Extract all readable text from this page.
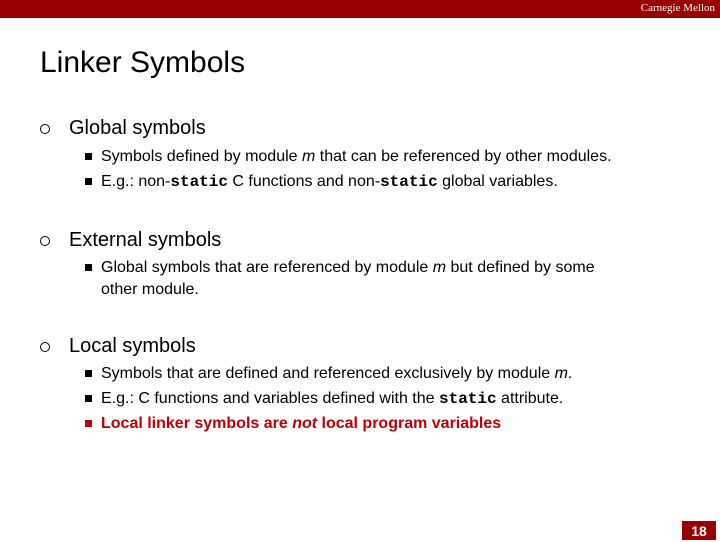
Carnegie Mellon
Linker Symbols
Global symbols
Symbols defined by module m that can be referenced by other modules.
E.g.: non-static C functions and non-static global variables.
External symbols
Global symbols that are referenced by module m but defined by some
other module.
Local symbols
Symbols that are defined and referenced exclusively by module m.
E.g.: C functions and variables defined with the static attribute.
Local linker symbols are not local program variables
18
